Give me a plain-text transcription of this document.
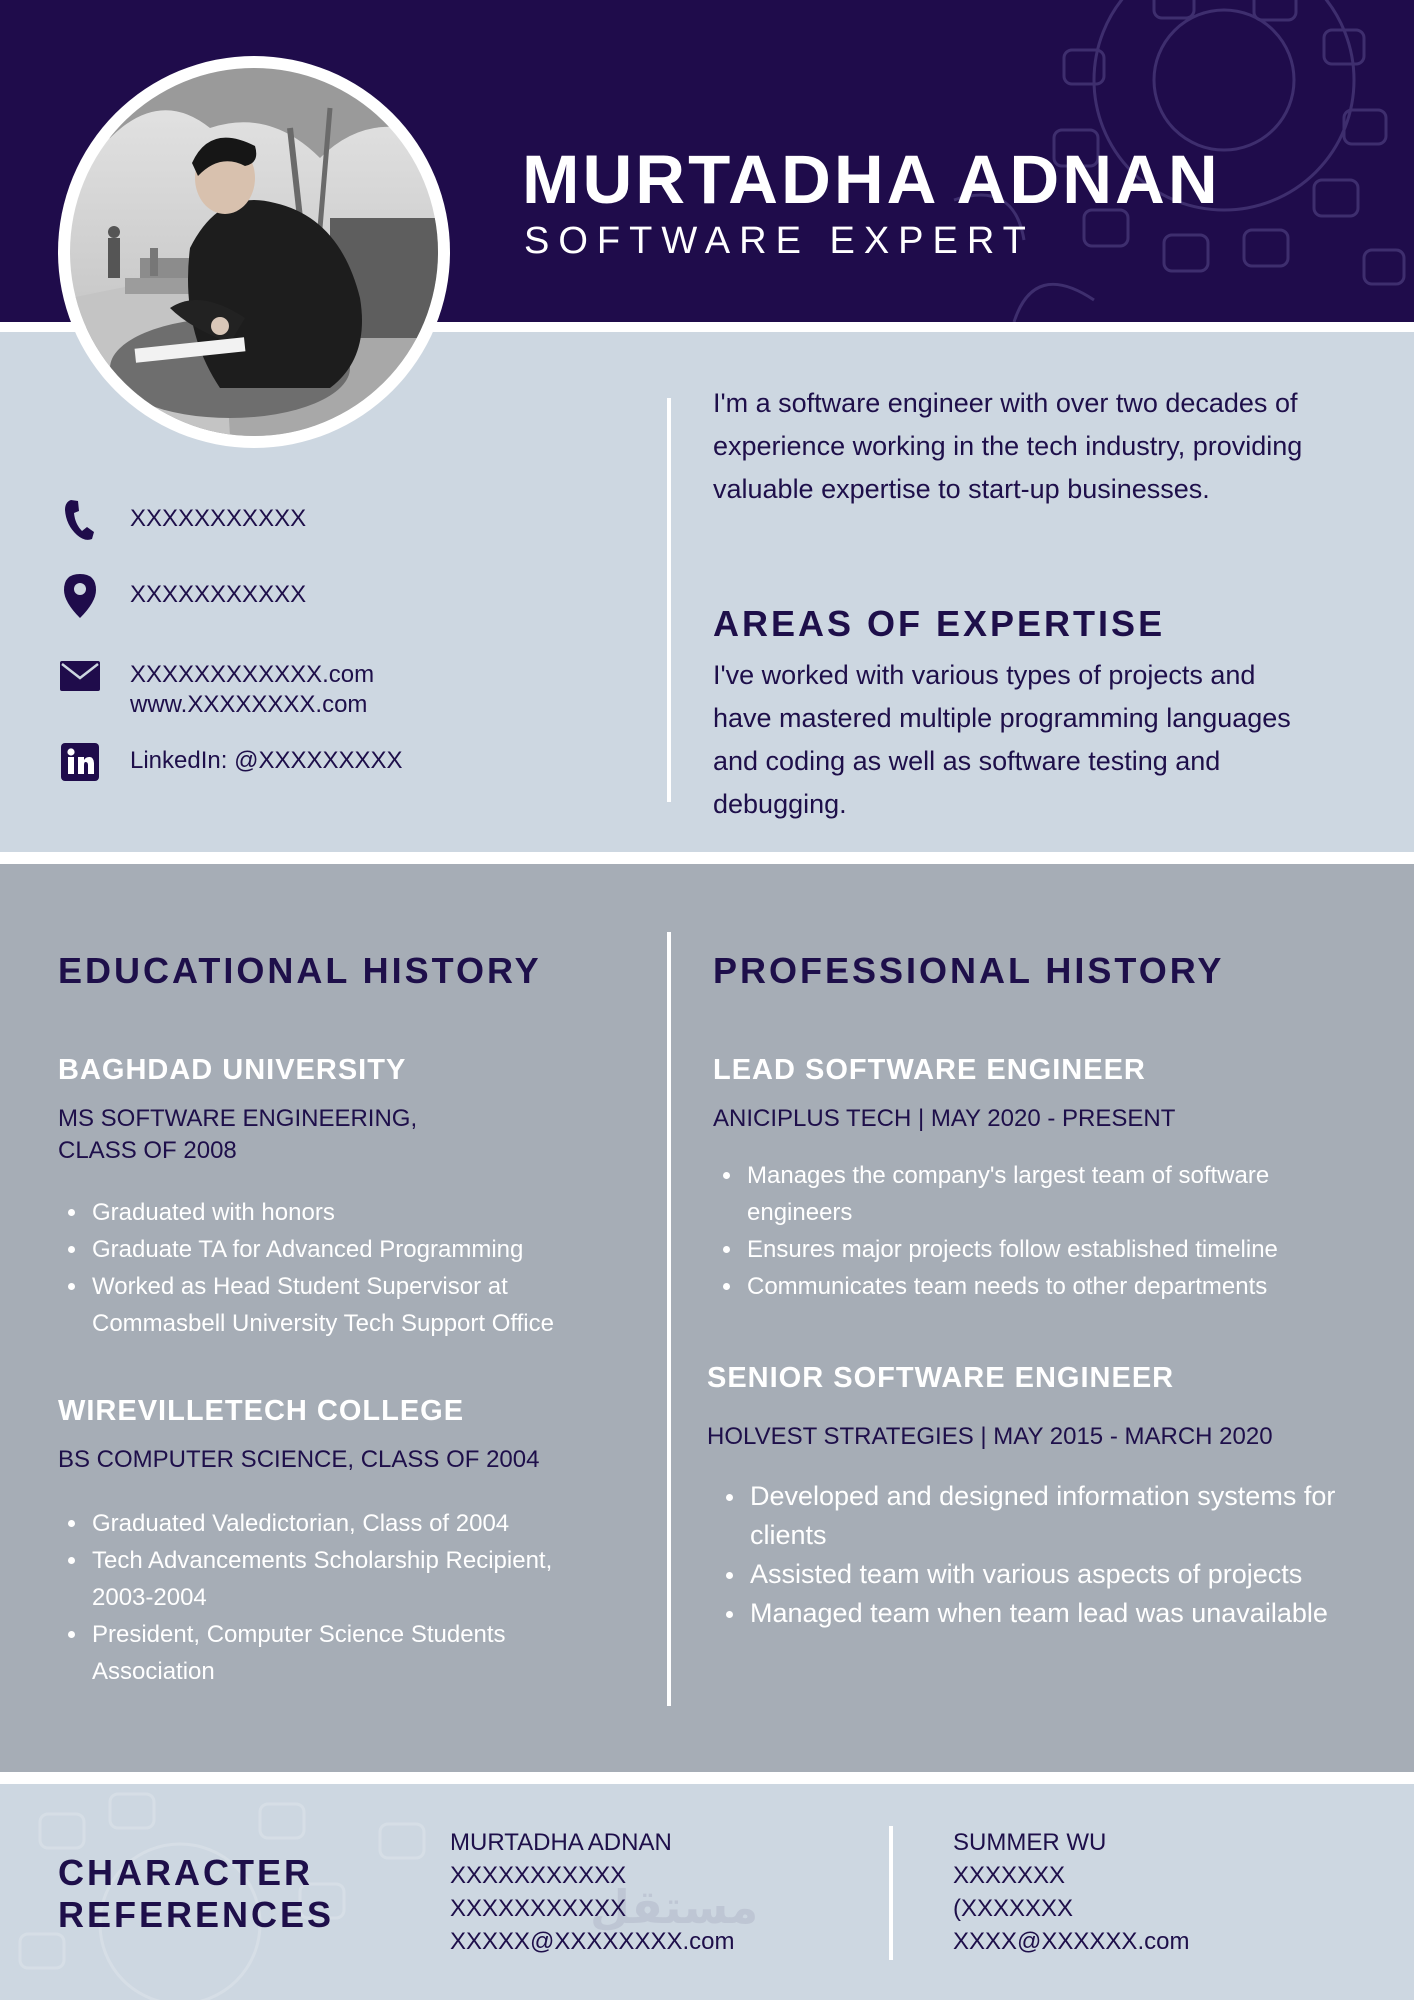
MURTADHA ADNAN
SOFTWARE EXPERT
XXXXXXXXXXX
XXXXXXXXXXX
XXXXXXXXXXXX.com
www.XXXXXXXX.com
LinkedIn: @XXXXXXXXX
I'm a software engineer with over two decades of experience working in the tech industry, providing valuable expertise to start-up businesses.
AREAS OF EXPERTISE
I've worked with various types of projects and have mastered multiple programming languages and coding as well as software testing and debugging.
EDUCATIONAL HISTORY
BAGHDAD UNIVERSITY
MS SOFTWARE ENGINEERING,
CLASS OF 2008
Graduated with honors
Graduate TA for Advanced Programming
Worked as Head Student Supervisor at Commasbell University Tech Support Office
WIREVILLETECH COLLEGE
BS COMPUTER SCIENCE, CLASS OF 2004
Graduated Valedictorian, Class of 2004
Tech Advancements Scholarship Recipient, 2003-2004
President, Computer Science Students Association
PROFESSIONAL HISTORY
LEAD SOFTWARE ENGINEER
ANICIPLUS TECH | MAY 2020 - PRESENT
Manages the company's largest team of software engineers
Ensures major projects follow established timeline
Communicates team needs to other departments
SENIOR SOFTWARE ENGINEER
HOLVEST STRATEGIES | MAY 2015 - MARCH 2020
Developed and designed information systems for clients
Assisted team with various aspects of projects
Managed team when team lead was unavailable
CHARACTER
REFERENCES	مستقل
MURTADHA ADNAN
XXXXXXXXXXX
XXXXXXXXXXX
XXXXX@XXXXXXXX.com
SUMMER WU
XXXXXXX
(XXXXXXX
XXXX@XXXXXX.com
